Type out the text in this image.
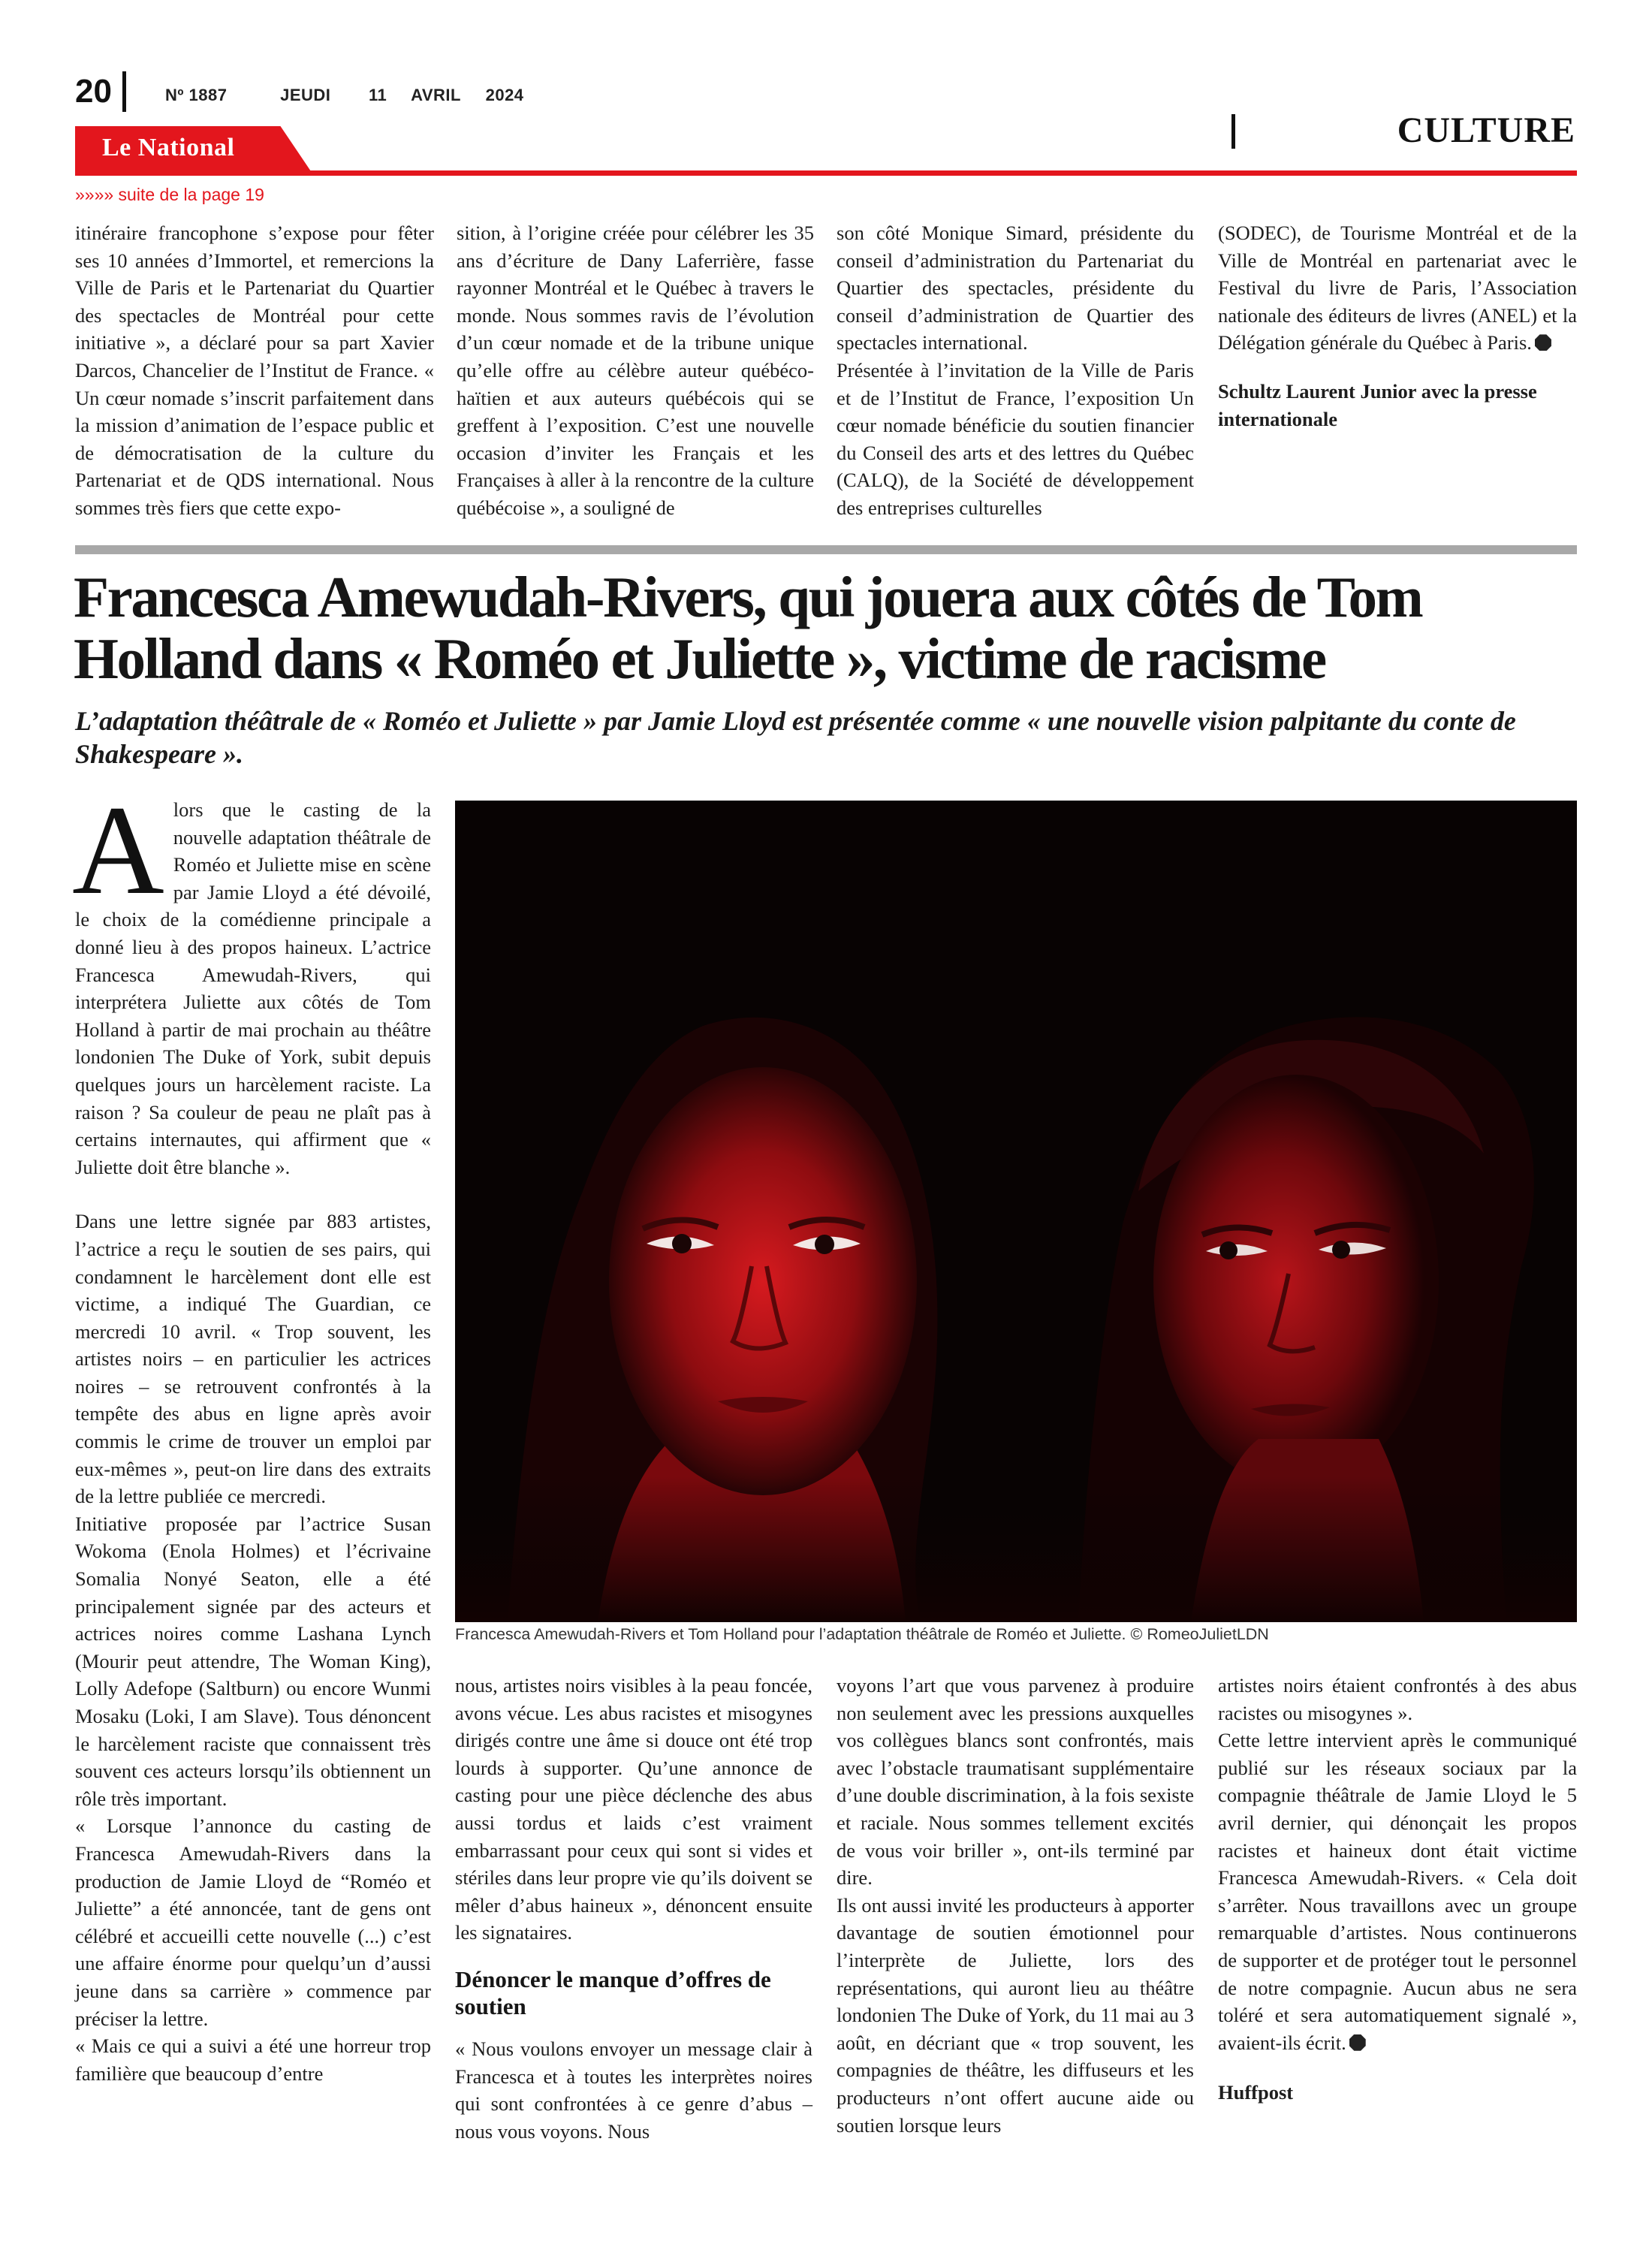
20	Nº 1887	JEUDI 11 AVRIL 2024
CULTURE
Le National
»»»» suite de la page 19

itinéraire francophone s’expose pour fêter ses 10 années d’Immortel, et remercions la Ville de Paris et le Partenariat du Quartier des spectacles de Montréal pour cette initiative », a déclaré pour sa part Xavier Darcos, Chancelier de l’Institut de France. « Un cœur nomade s’inscrit parfaitement dans la mission d’animation de l’espace public et de démocratisation de la culture du Partenariat et de QDS international. Nous sommes très fiers que cette expo-

sition, à l’origine créée pour célébrer les 35 ans d’écriture de Dany Laferrière, fasse rayonner Montréal et le Québec à travers le monde. Nous sommes ravis de l’évolution d’un cœur nomade et de la tribune unique qu’elle offre au célèbre auteur québéco-haïtien et aux auteurs québécois qui se greffent à l’exposition. C’est une nouvelle occasion d’inviter les Français et les Françaises à aller à la rencontre de la culture québécoise », a souligné de

son côté Monique Simard, présidente du conseil d’administration du Partenariat du Quartier des spectacles, présidente du conseil d’administration de Quartier des spectacles international.

Présentée à l’invitation de la Ville de Paris et de l’Institut de France, l’exposition Un cœur nomade bénéficie du soutien financier du Conseil des arts et des lettres du Québec (CALQ), de la Société de développement des entreprises culturelles

(SODEC), de Tourisme Montréal et de la Ville de Montréal en partenariat avec le Festival du livre de Paris, l’Association nationale des éditeurs de livres (ANEL) et la Délégation générale du Québec à Paris.

Schultz Laurent Junior avec la presse internationale

Francesca Amewudah-Rivers, qui jouera aux côtés de Tom Holland dans « Roméo et Juliette », victime de racisme

L’adaptation théâtrale de « Roméo et Juliette » par Jamie Lloyd est présentée comme « une nouvelle vision palpitante du conte de Shakespeare ».

Alors que le casting de la nouvelle adaptation théâtrale de Roméo et Juliette mise en scène par Jamie Lloyd a été dévoilé, le choix de la comédienne principale a donné lieu à des propos haineux. L’actrice Francesca Amewudah-Rivers, qui interprétera Juliette aux côtés de Tom Holland à partir de mai prochain au théâtre londonien The Duke of York, subit depuis quelques jours un harcèlement raciste. La raison ? Sa couleur de peau ne plaît pas à certains internautes, qui affirment que « Juliette doit être blanche ».

Dans une lettre signée par 883 artistes, l’actrice a reçu le soutien de ses pairs, qui condamnent le harcèlement dont elle est victime, a indiqué The Guardian, ce mercredi 10 avril. « Trop souvent, les artistes noirs – en particulier les actrices noires – se retrouvent confrontés à la tempête des abus en ligne après avoir commis le crime de trouver un emploi par eux-mêmes », peut-on lire dans des extraits de la lettre publiée ce mercredi.

Initiative proposée par l’actrice Susan Wokoma (Enola Holmes) et l’écrivaine Somalia Nonyé Seaton, elle a été principalement signée par des acteurs et actrices noires comme Lashana Lynch (Mourir peut attendre, The Woman King), Lolly Adefope (Saltburn) ou encore Wunmi Mosaku (Loki, I am Slave). Tous dénoncent le harcèlement raciste que connaissent très souvent ces acteurs lorsqu’ils obtiennent un rôle très important.

« Lorsque l’annonce du casting de Francesca Amewudah-Rivers dans la production de Jamie Lloyd de “Roméo et Juliette” a été annoncée, tant de gens ont célébré et accueilli cette nouvelle (...) c’est une affaire énorme pour quelqu’un d’aussi jeune dans sa carrière » commence par préciser la lettre.

« Mais ce qui a suivi a été une horreur trop familière que beaucoup d’entre

Francesca Amewudah-Rivers et Tom Holland pour l’adaptation théâtrale de Roméo et Juliette. © RomeoJulietLDN

nous, artistes noirs visibles à la peau foncée, avons vécue. Les abus racistes et misogynes dirigés contre une âme si douce ont été trop lourds à supporter. Qu’une annonce de casting pour une pièce déclenche des abus aussi tordus et laids c’est vraiment embarrassant pour ceux qui sont si vides et stériles dans leur propre vie qu’ils doivent se mêler d’abus haineux », dénoncent ensuite les signataires.

Dénoncer le manque d’offres de soutien

« Nous voulons envoyer un message clair à Francesca et à toutes les interprètes noires qui sont confrontées à ce genre d’abus – nous vous voyons. Nous

voyons l’art que vous parvenez à produire non seulement avec les pressions auxquelles vos collègues blancs sont confrontés, mais avec l’obstacle traumatisant supplémentaire d’une double discrimination, à la fois sexiste et raciale. Nous sommes tellement excités de vous voir briller », ont-ils terminé par dire.

Ils ont aussi invité les producteurs à apporter davantage de soutien émotionnel pour l’interprète de Juliette, lors des représentations, qui auront lieu au théâtre londonien The Duke of York, du 11 mai au 3 août, en décriant que « trop souvent, les compagnies de théâtre, les diffuseurs et les producteurs n’ont offert aucune aide ou soutien lorsque leurs

artistes noirs étaient confrontés à des abus racistes ou misogynes ».

Cette lettre intervient après le communiqué publié sur les réseaux sociaux par la compagnie théâtrale de Jamie Lloyd le 5 avril dernier, qui dénonçait les propos racistes et haineux dont était victime Francesca Amewudah-Rivers. « Cela doit s’arrêter. Nous travaillons avec un groupe remarquable d’artistes. Nous continuerons de supporter et de protéger tout le personnel de notre compagnie. Aucun abus ne sera toléré et sera automatiquement signalé », avaient-ils écrit.

Huffpost
